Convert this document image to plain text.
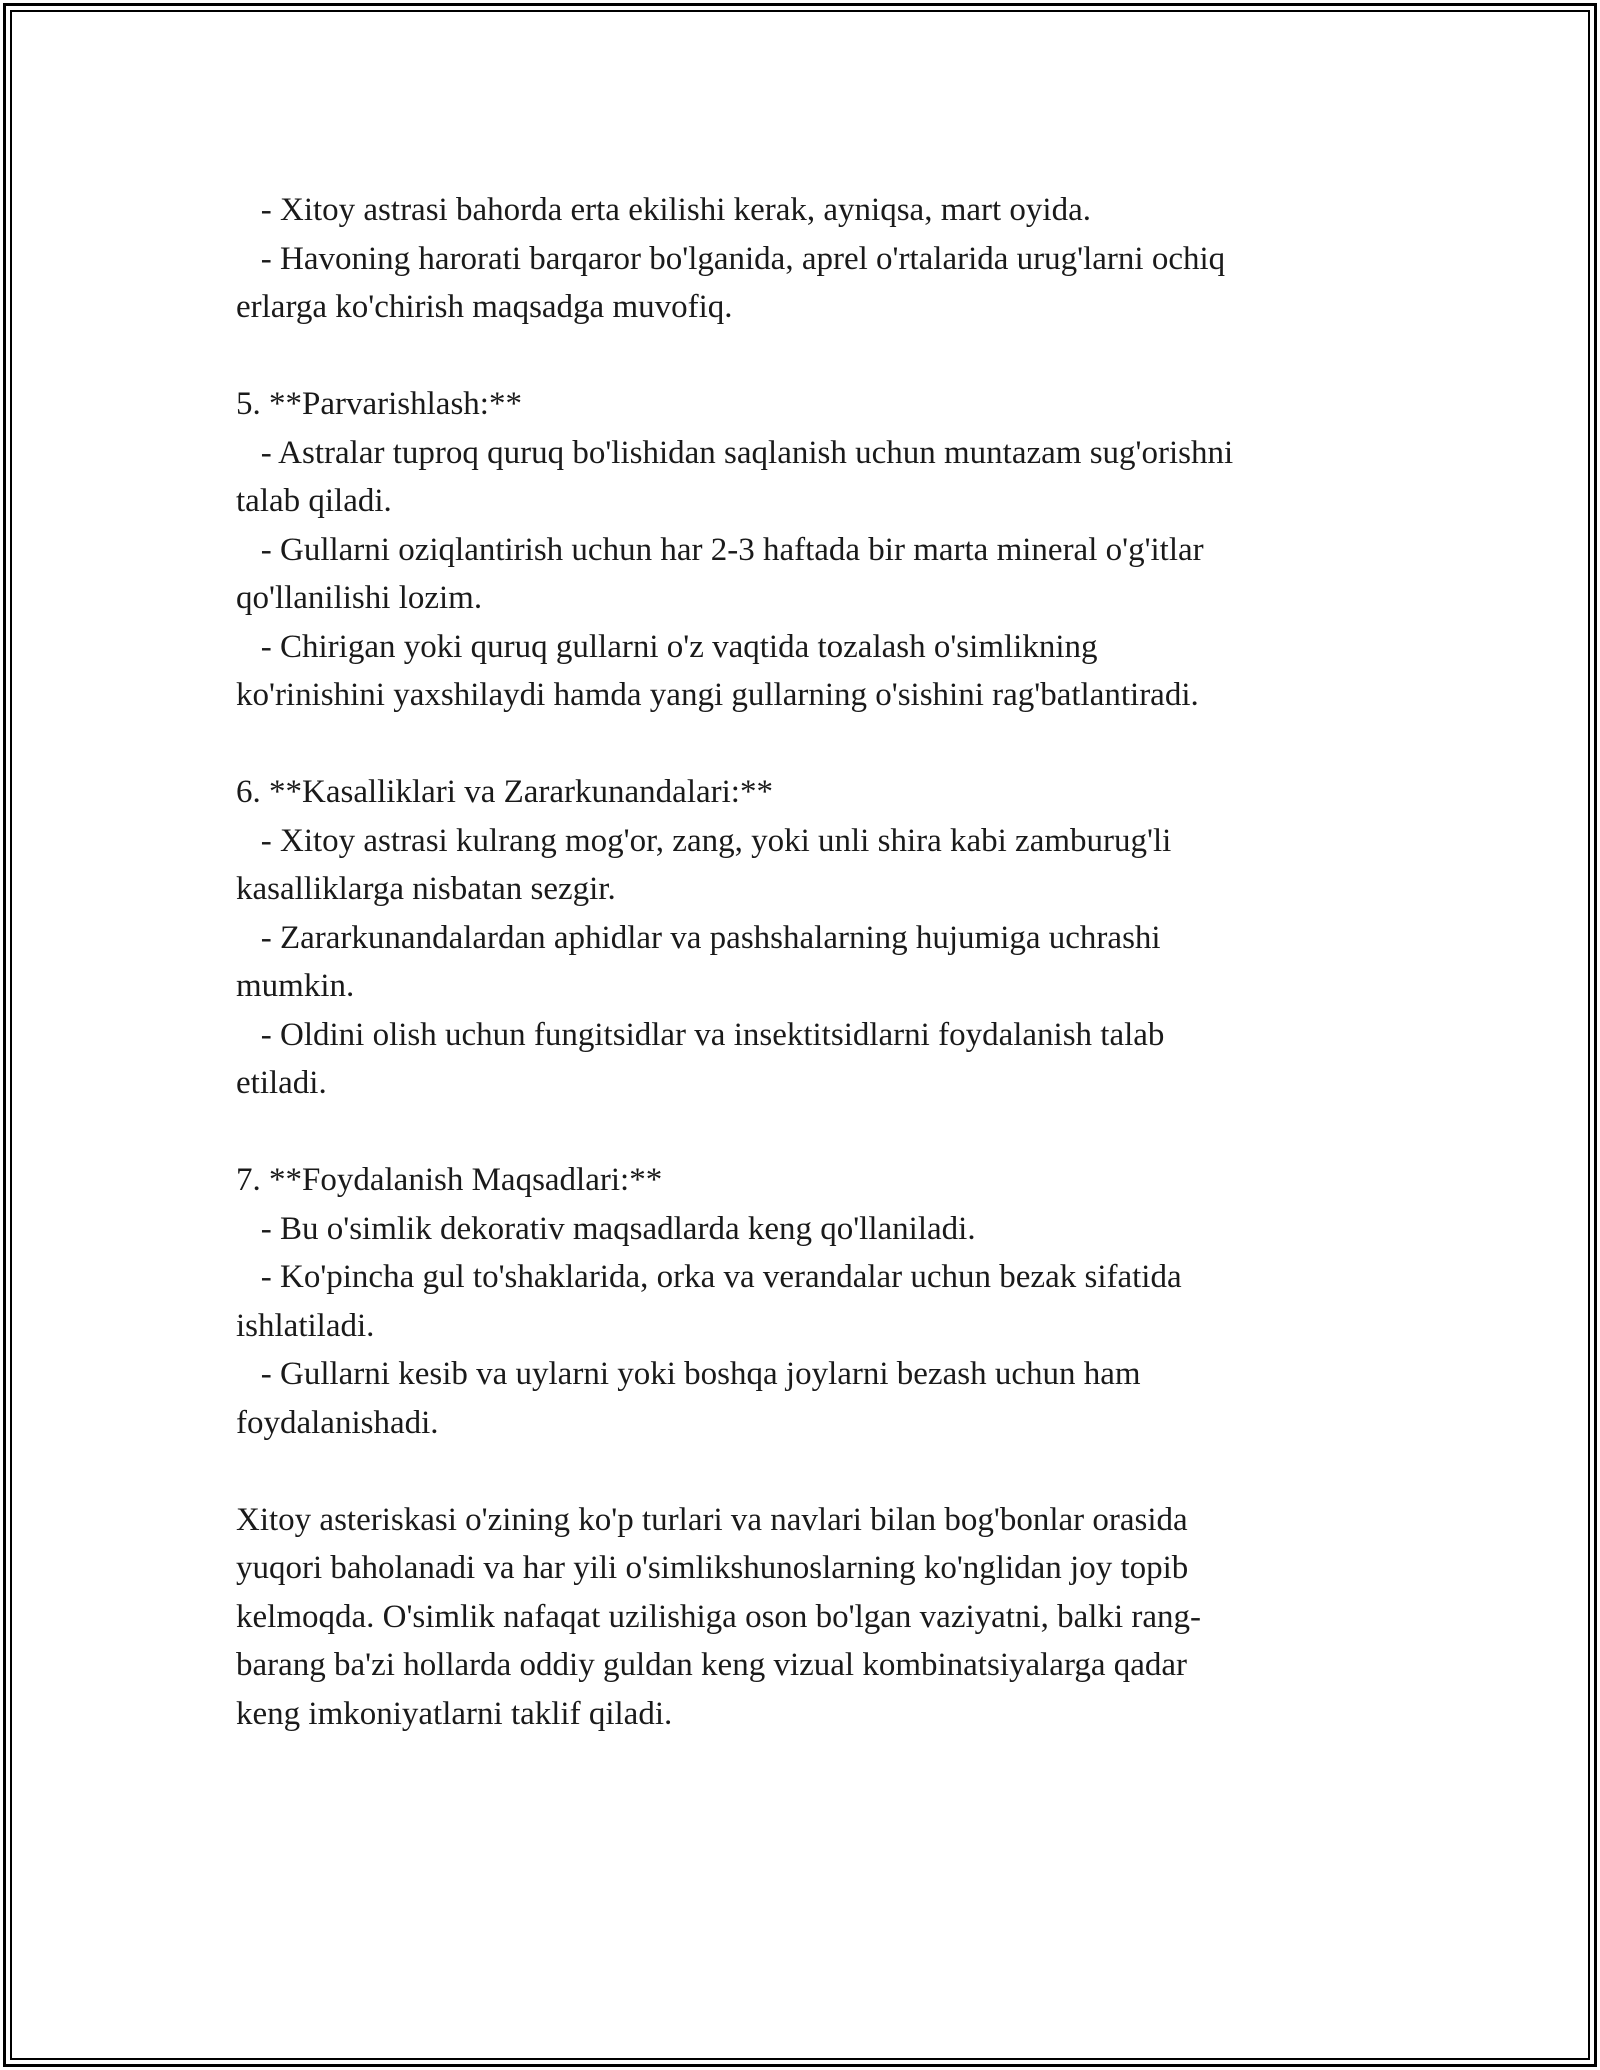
- Xitoy astrasi bahorda erta ekilishi kerak, ayniqsa, mart oyida.
- Havoning harorati barqaror bo'lganida, aprel o'rtalarida urug'larni ochiq
erlarga ko'chirish maqsadga muvofiq.
5. **Parvarishlash:**
- Astralar tuproq quruq bo'lishidan saqlanish uchun muntazam sug'orishni
talab qiladi.
- Gullarni oziqlantirish uchun har 2-3 haftada bir marta mineral o'g'itlar
qo'llanilishi lozim.
- Chirigan yoki quruq gullarni o'z vaqtida tozalash o'simlikning
ko'rinishini yaxshilaydi hamda yangi gullarning o'sishini rag'batlantiradi.
6. **Kasalliklari va Zararkunandalari:**
- Xitoy astrasi kulrang mog'or, zang, yoki unli shira kabi zamburug'li
kasalliklarga nisbatan sezgir.
- Zararkunandalardan aphidlar va pashshalarning hujumiga uchrashi
mumkin.
- Oldini olish uchun fungitsidlar va insektitsidlarni foydalanish talab
etiladi.
7. **Foydalanish Maqsadlari:**
- Bu o'simlik dekorativ maqsadlarda keng qo'llaniladi.
- Ko'pincha gul to'shaklarida, orka va verandalar uchun bezak sifatida
ishlatiladi.
- Gullarni kesib va uylarni yoki boshqa joylarni bezash uchun ham
foydalanishadi.
Xitoy asteriskasi o'zining ko'p turlari va navlari bilan bog'bonlar orasida
yuqori baholanadi va har yili o'simlikshunoslarning ko'nglidan joy topib
kelmoqda. O'simlik nafaqat uzilishiga oson bo'lgan vaziyatni, balki rang-
barang ba'zi hollarda oddiy guldan keng vizual kombinatsiyalarga qadar
keng imkoniyatlarni taklif qiladi.
